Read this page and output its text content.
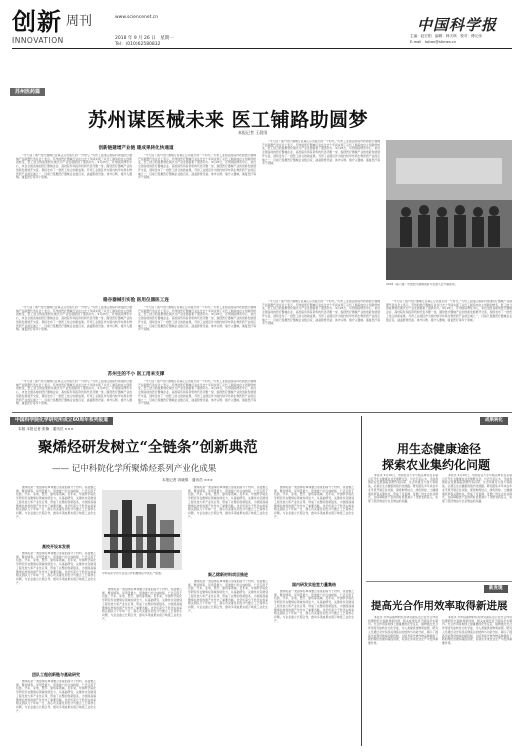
创新 周刊
INNOVATION
www.sciencenet.cn
2018 年 9 月 26 日　星期一
Tel：(010)62580832
中国科学报
主编：赵宏阳　编辑：韩天琪　校对：傅元伟
E-mail：tqhan@stimes.cn
苏州医药篇
苏州谋医械未来 医工铺路助圆梦
本报记者 王晨绯
创新链建增产业链 建成果转化快通道

“今天到了国产医疗器械行业真正应该成长的一个时代。”苏州工业园区国际科技园医疗器械产业联盟代表在会上表示，苏州的医疗器械行业在过去十年间实现了从代工制造向自主创新的转变，医工结合的成果转化模式为产业发展提供了强劲动力。9月25日，苏州国际博览中心，来自全国各地的医疗器械企业、高校院所和投资机构代表齐聚一堂，围绕医疗器械产业的创新发展展开交流，现场发布了一批医工结合的新成果。苏州工业园区作为国内较早布局生物医药产业的区域之一，目前已集聚医疗器械企业数百家，涵盖影像设备、体外诊断、植介入器械、康复医疗等多个领域。

“今天到了国产医疗器械行业真正应该成长的一个时代。”苏州工业园区国际科技园医疗器械产业联盟代表在会上表示，苏州的医疗器械行业在过去十年间实现了从代工制造向自主创新的转变，医工结合的成果转化模式为产业发展提供了强劲动力。9月25日，苏州国际博览中心，来自全国各地的医疗器械企业、高校院所和投资机构代表齐聚一堂，围绕医疗器械产业的创新发展展开交流，现场发布了一批医工结合的新成果。苏州工业园区作为国内较早布局生物医药产业的区域之一，目前已集聚医疗器械企业数百家，涵盖影像设备、体外诊断、植介入器械、康复医疗等多个领域。

“今天到了国产医疗器械行业真正应该成长的一个时代。”苏州工业园区国际科技园医疗器械产业联盟代表在会上表示，苏州的医疗器械行业在过去十年间实现了从代工制造向自主创新的转变，医工结合的成果转化模式为产业发展提供了强劲动力。9月25日，苏州国际博览中心，来自全国各地的医疗器械企业、高校院所和投资机构代表齐聚一堂，围绕医疗器械产业的创新发展展开交流，现场发布了一批医工结合的新成果。苏州工业园区作为国内较早布局生物医药产业的区域之一，目前已集聚医疗器械企业数百家，涵盖影像设备、体外诊断、植介入器械、康复医疗等多个领域。

2018（第六届）中国医疗器械创新与发展大会开幕现场。
稳谷器械引实验 医用仪器医工连

“今天到了国产医疗器械行业真正应该成长的一个时代。”苏州工业园区国际科技园医疗器械产业联盟代表在会上表示，苏州的医疗器械行业在过去十年间实现了从代工制造向自主创新的转变，医工结合的成果转化模式为产业发展提供了强劲动力。9月25日，苏州国际博览中心，来自全国各地的医疗器械企业、高校院所和投资机构代表齐聚一堂，围绕医疗器械产业的创新发展展开交流，现场发布了一批医工结合的新成果。苏州工业园区作为国内较早布局生物医药产业的区域之一，目前已集聚医疗器械企业数百家，涵盖影像设备、体外诊断、植介入器械、康复医疗等多个领域。

“今天到了国产医疗器械行业真正应该成长的一个时代。”苏州工业园区国际科技园医疗器械产业联盟代表在会上表示，苏州的医疗器械行业在过去十年间实现了从代工制造向自主创新的转变，医工结合的成果转化模式为产业发展提供了强劲动力。9月25日，苏州国际博览中心，来自全国各地的医疗器械企业、高校院所和投资机构代表齐聚一堂，围绕医疗器械产业的创新发展展开交流，现场发布了一批医工结合的新成果。苏州工业园区作为国内较早布局生物医药产业的区域之一，目前已集聚医疗器械企业数百家，涵盖影像设备、体外诊断、植介入器械、康复医疗等多个领域。

“今天到了国产医疗器械行业真正应该成长的一个时代。”苏州工业园区国际科技园医疗器械产业联盟代表在会上表示，苏州的医疗器械行业在过去十年间实现了从代工制造向自主创新的转变，医工结合的成果转化模式为产业发展提供了强劲动力。9月25日，苏州国际博览中心，来自全国各地的医疗器械企业、高校院所和投资机构代表齐聚一堂，围绕医疗器械产业的创新发展展开交流，现场发布了一批医工结合的新成果。苏州工业园区作为国内较早布局生物医药产业的区域之一，目前已集聚医疗器械企业数百家，涵盖影像设备、体外诊断、植介入器械、康复医疗等多个领域。

“今天到了国产医疗器械行业真正应该成长的一个时代。”苏州工业园区国际科技园医疗器械产业联盟代表在会上表示，苏州的医疗器械行业在过去十年间实现了从代工制造向自主创新的转变，医工结合的成果转化模式为产业发展提供了强劲动力。9月25日，苏州国际博览中心，来自全国各地的医疗器械企业、高校院所和投资机构代表齐聚一堂，围绕医疗器械产业的创新发展展开交流，现场发布了一批医工结合的新成果。苏州工业园区作为国内较早布局生物医药产业的区域之一，目前已集聚医疗器械企业数百家，涵盖影像设备、体外诊断、植介入器械、康复医疗等多个领域。

苏州生的不小 医工用来支撑

“今天到了国产医疗器械行业真正应该成长的一个时代。”苏州工业园区国际科技园医疗器械产业联盟代表在会上表示，苏州的医疗器械行业在过去十年间实现了从代工制造向自主创新的转变，医工结合的成果转化模式为产业发展提供了强劲动力。9月25日，苏州国际博览中心，来自全国各地的医疗器械企业、高校院所和投资机构代表齐聚一堂，围绕医疗器械产业的创新发展展开交流，现场发布了一批医工结合的新成果。苏州工业园区作为国内较早布局生物医药产业的区域之一，目前已集聚医疗器械企业数百家，涵盖影像设备、体外诊断、植介入器械、康复医疗等多个领域。

“今天到了国产医疗器械行业真正应该成长的一个时代。”苏州工业园区国际科技园医疗器械产业联盟代表在会上表示，苏州的医疗器械行业在过去十年间实现了从代工制造向自主创新的转变，医工结合的成果转化模式为产业发展提供了强劲动力。9月25日，苏州国际博览中心，来自全国各地的医疗器械企业、高校院所和投资机构代表齐聚一堂，围绕医疗器械产业的创新发展展开交流，现场发布了一批医工结合的新成果。苏州工业园区作为国内较早布局生物医药产业的区域之一，目前已集聚医疗器械企业数百家，涵盖影像设备、体外诊断、植介入器械、康复医疗等多个领域。

中国科学院化学研究所成立60周年系列报道
本版 本报记者 张楠　通讯员 ×××
聚烯烃研发树立“全链条”创新典范
—— 记中科院化学所聚烯烃系列产业化成果
本报记者 刘晓倩　通讯员 ×××

聚烯烃是一类由烯烃单体聚合而成的高分子材料，包括聚乙烯、聚丙烯等，是用量最大、用途最广的合成树脂，广泛应用于包装、汽车、家电、医疗、建筑等领域。近年来，中国科学院化学研究所在聚烯烃领域持续发力，从基础研究、关键技术突破到工程化放大和产业化应用，形成了完整的创新链条，为我国高端聚烯烃材料的国产化作出了重要贡献。化学所高分子科学实验室相关团队几十年如一日，潜心攻关催化剂设计与聚合工艺等核心问题，与企业建立长期合作，推动多项成果实现万吨级工业化生产。

高校开设本发展

聚烯烃是一类由烯烃单体聚合而成的高分子材料，包括聚乙烯、聚丙烯等，是用量最大、用途最广的合成树脂，广泛应用于包装、汽车、家电、医疗、建筑等领域。近年来，中国科学院化学研究所在聚烯烃领域持续发力，从基础研究、关键技术突破到工程化放大和产业化应用，形成了完整的创新链条，为我国高端聚烯烃材料的国产化作出了重要贡献。化学所高分子科学实验室相关团队几十年如一日，潜心攻关催化剂设计与聚合工艺等核心问题，与企业建立长期合作，推动多项成果实现万吨级工业化生产。

团队工程创新链与基础研究

聚烯烃是一类由烯烃单体聚合而成的高分子材料，包括聚乙烯、聚丙烯等，是用量最大、用途最广的合成树脂，广泛应用于包装、汽车、家电、医疗、建筑等领域。近年来，中国科学院化学研究所在聚烯烃领域持续发力，从基础研究、关键技术突破到工程化放大和产业化应用，形成了完整的创新链条，为我国高端聚烯烃材料的国产化作出了重要贡献。化学所高分子科学实验室相关团队几十年如一日，潜心攻关催化剂设计与聚合工艺等核心问题，与企业建立长期合作，推动多项成果实现万吨级工业化生产。

中科院化学所与企业合作的聚烯烃中试生产装置。

聚烯烃是一类由烯烃单体聚合而成的高分子材料，包括聚乙烯、聚丙烯等，是用量最大、用途最广的合成树脂，广泛应用于包装、汽车、家电、医疗、建筑等领域。近年来，中国科学院化学研究所在聚烯烃领域持续发力，从基础研究、关键技术突破到工程化放大和产业化应用，形成了完整的创新链条，为我国高端聚烯烃材料的国产化作出了重要贡献。化学所高分子科学实验室相关团队几十年如一日，潜心攻关催化剂设计与聚合工艺等核心问题，与企业建立长期合作，推动多项成果实现万吨级工业化生产。

聚烯烃是一类由烯烃单体聚合而成的高分子材料，包括聚乙烯、聚丙烯等，是用量最大、用途最广的合成树脂，广泛应用于包装、汽车、家电、医疗、建筑等领域。近年来，中国科学院化学研究所在聚烯烃领域持续发力，从基础研究、关键技术突破到工程化放大和产业化应用，形成了完整的创新链条，为我国高端聚烯烃材料的国产化作出了重要贡献。化学所高分子科学实验室相关团队几十年如一日，潜心攻关催化剂设计与聚合工艺等核心问题，与企业建立长期合作，推动多项成果实现万吨级工业化生产。

聚乙烯新材料项目推进

聚烯烃是一类由烯烃单体聚合而成的高分子材料，包括聚乙烯、聚丙烯等，是用量最大、用途最广的合成树脂，广泛应用于包装、汽车、家电、医疗、建筑等领域。近年来，中国科学院化学研究所在聚烯烃领域持续发力，从基础研究、关键技术突破到工程化放大和产业化应用，形成了完整的创新链条，为我国高端聚烯烃材料的国产化作出了重要贡献。化学所高分子科学实验室相关团队几十年如一日，潜心攻关催化剂设计与聚合工艺等核心问题，与企业建立长期合作，推动多项成果实现万吨级工业化生产。

国内研发实验室力量集结

聚烯烃是一类由烯烃单体聚合而成的高分子材料，包括聚乙烯、聚丙烯等，是用量最大、用途最广的合成树脂，广泛应用于包装、汽车、家电、医疗、建筑等领域。近年来，中国科学院化学研究所在聚烯烃领域持续发力，从基础研究、关键技术突破到工程化放大和产业化应用，形成了完整的创新链条，为我国高端聚烯烃材料的国产化作出了重要贡献。化学所高分子科学实验室相关团队几十年如一日，潜心攻关催化剂设计与聚合工艺等核心问题，与企业建立长期合作，推动多项成果实现万吨级工业化生产。

聚烯烃是一类由烯烃单体聚合而成的高分子材料，包括聚乙烯、聚丙烯等，是用量最大、用途最广的合成树脂，广泛应用于包装、汽车、家电、医疗、建筑等领域。近年来，中国科学院化学研究所在聚烯烃领域持续发力，从基础研究、关键技术突破到工程化放大和产业化应用，形成了完整的创新链条，为我国高端聚烯烃材料的国产化作出了重要贡献。化学所高分子科学实验室相关团队几十年如一日，潜心攻关催化剂设计与聚合工艺等核心问题，与企业建立长期合作，推动多项成果实现万吨级工业化生产。

成果转化
用生态健康途径
探索农业集约化问题

本报讯 9月19日，中国农业大学与相关单位在京联合召开生态健康农业发展研讨会。与会专家认为，当前我国农业发展面临资源约束趋紧、生态环境压力加大等挑战，必须走生态健康的集约化道路。研究团队多年来在华北平原开展定位试验，探索种养结合、绿色防控、土壤健康培育等关键技术，形成了可复制、可推广的生态农业模式，在保障粮食产量的同时显著减少了化肥农药投入，实现了经济效益与生态效益的双赢。

本报讯 9月19日，中国农业大学与相关单位在京联合召开生态健康农业发展研讨会。与会专家认为，当前我国农业发展面临资源约束趋紧、生态环境压力加大等挑战，必须走生态健康的集约化道路。研究团队多年来在华北平原开展定位试验，探索种养结合、绿色防控、土壤健康培育等关键技术，形成了可复制、可推广的生态农业模式，在保障粮食产量的同时显著减少了化肥农药投入，实现了经济效益与生态效益的双赢。

新发现
提高光合作用效率取得新进展

本报讯 中科院植物研究所研究团队近日在光合作用机理研究方面取得新进展，相关成果发表于国际学术期刊。光合作用是地球上最重要的化学反应，植物通过光合作用将光能转化为化学能，为人类提供食物和能源。研究人员通过对光系统关键蛋白的结构与功能分析，揭示了提高光能利用效率的新机制，为培育高光效作物品种提供了新的理论依据和基因资源，有望在未来农业生产中发挥重要作用。

本报讯 中科院植物研究所研究团队近日在光合作用机理研究方面取得新进展，相关成果发表于国际学术期刊。光合作用是地球上最重要的化学反应，植物通过光合作用将光能转化为化学能，为人类提供食物和能源。研究人员通过对光系统关键蛋白的结构与功能分析，揭示了提高光能利用效率的新机制，为培育高光效作物品种提供了新的理论依据和基因资源，有望在未来农业生产中发挥重要作用。
